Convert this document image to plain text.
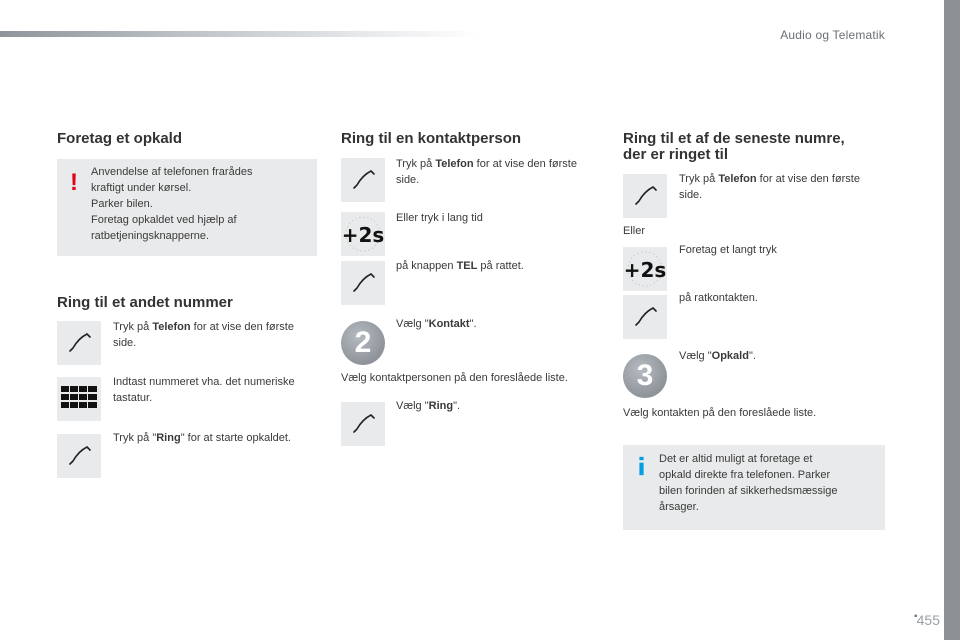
Audio og Telematik
Foretag et opkald
! Anvendelse af telefonen frarådes
kraftigt under kørsel.
Parker bilen.
Foretag opkaldet ved hjælp af
ratbetjeningsknapperne.
Ring til et andet nummer
Tryk på Telefon for at vise den første
side.
Indtast nummeret vha. det numeriske
tastatur.
Tryk på "Ring" for at starte opkaldet.
Ring til en kontaktperson
Tryk på Telefon for at vise den første
side.
+2s
Eller tryk i lang tid
på knappen TEL på rattet.
2
Vælg "Kontakt".
Vælg kontaktpersonen på den foreslåede liste.
Vælg "Ring".
Ring til et af de seneste numre,
der er ringet til
Tryk på Telefon for at vise den første
side.
Eller
+2s
Foretag et langt tryk
på ratkontakten.
3
Vælg "Opkald".
Vælg kontakten på den foreslåede liste.
Det er altid muligt at foretage et
opkald direkte fra telefonen. Parker
bilen forinden af sikkerhedsmæssige
årsager.
.
455
